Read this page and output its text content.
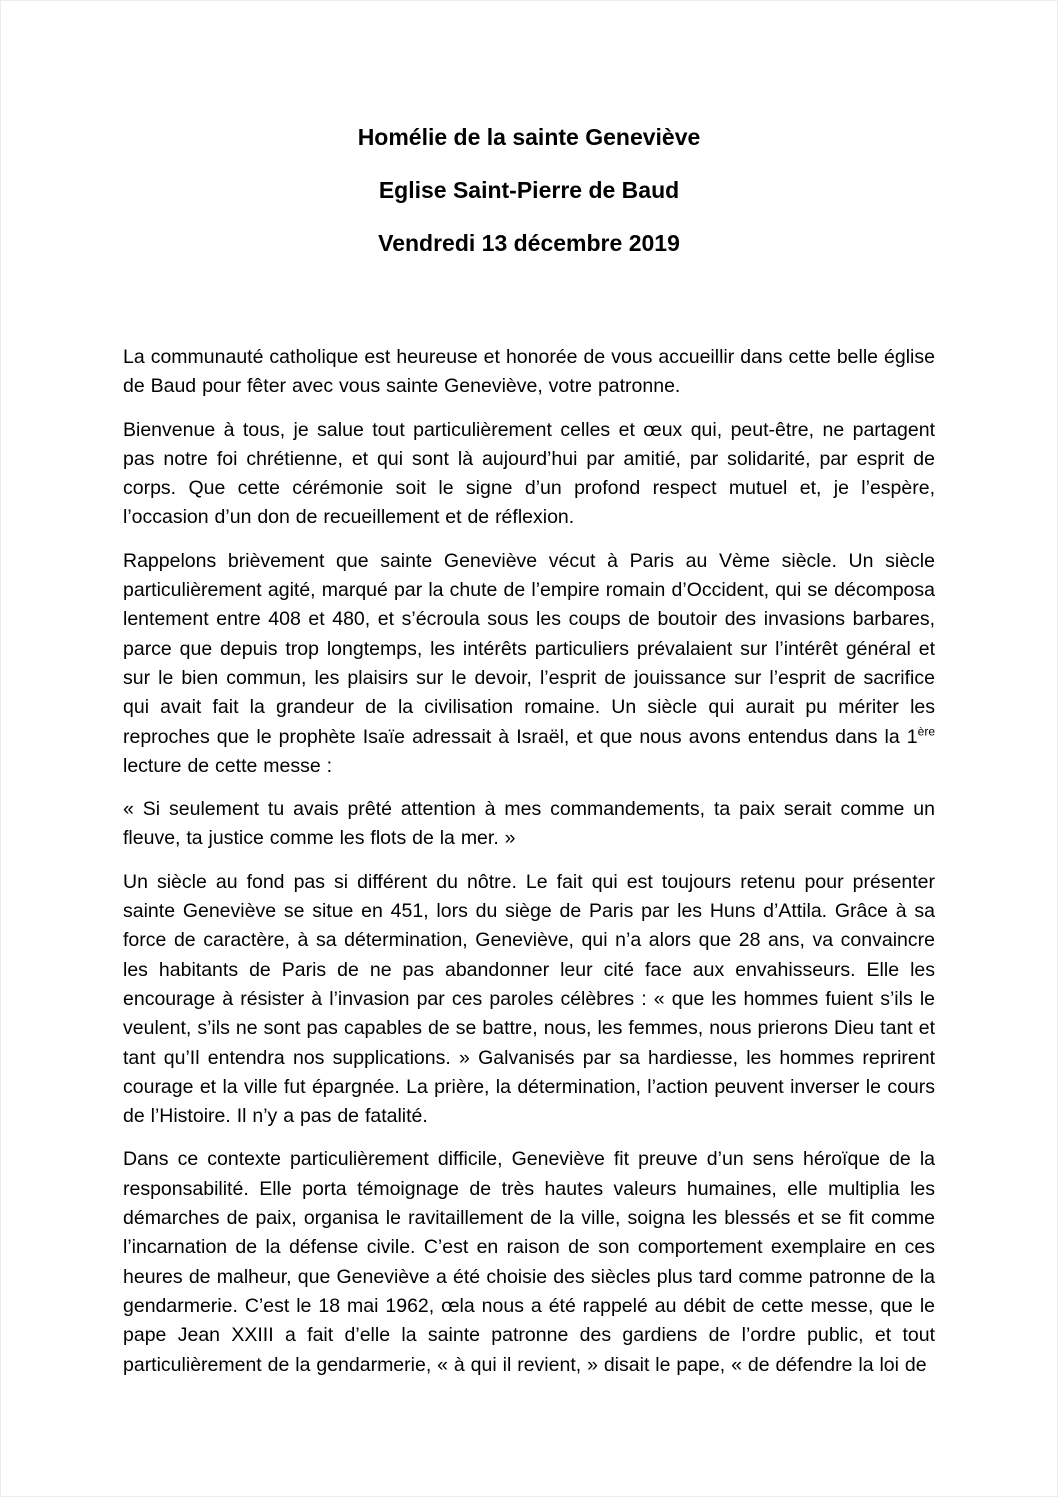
Homélie de la sainte Geneviève
Eglise Saint-Pierre de Baud
Vendredi 13 décembre 2019

La communauté catholique est heureuse et honorée de vous accueillir dans cette belle église de Baud pour fêter avec vous sainte Geneviève, votre patronne.

Bienvenue à tous, je salue tout particulièrement celles et œux qui, peut-être, ne partagent pas notre foi chrétienne, et qui sont là aujourd’hui par amitié, par solidarité, par esprit de corps. Que cette cérémonie soit le signe d’un profond respect mutuel et, je l’espère, l’occasion d’un don de recueillement et de réflexion.

Rappelons brièvement que sainte Geneviève vécut à Paris au Vème siècle. Un siècle particulièrement agité, marqué par la chute de l’empire romain d’Occident, qui se décomposa lentement entre 408 et 480, et s’écroula sous les coups de boutoir des invasions barbares, parce que depuis trop longtemps, les intérêts particuliers prévalaient sur l’intérêt général et sur le bien commun, les plaisirs sur le devoir, l’esprit de jouissance sur l’esprit de sacrifice qui avait fait la grandeur de la civilisation romaine. Un siècle qui aurait pu mériter les reproches que le prophète Isaïe adressait à Israël, et que nous avons entendus dans la 1ère lecture de cette messe :

« Si seulement tu avais prêté attention à mes commandements, ta paix serait comme un fleuve, ta justice comme les flots de la mer. »

Un siècle au fond pas si différent du nôtre. Le fait qui est toujours retenu pour présenter sainte Geneviève se situe en 451, lors du siège de Paris par les Huns d’Attila. Grâce à sa force de caractère, à sa détermination, Geneviève, qui n’a alors que 28 ans, va convaincre les habitants de Paris de ne pas abandonner leur cité face aux envahisseurs. Elle les encourage à résister à l’invasion par ces paroles célèbres : « que les hommes fuient s’ils le veulent, s’ils ne sont pas capables de se battre, nous, les femmes, nous prierons Dieu tant et tant qu’Il entendra nos supplications. » Galvanisés par sa hardiesse, les hommes reprirent courage et la ville fut épargnée. La prière, la détermination, l’action peuvent inverser le cours de l’Histoire. Il n’y a pas de fatalité.

Dans ce contexte particulièrement difficile, Geneviève fit preuve d’un sens héroïque de la responsabilité. Elle porta témoignage de très hautes valeurs humaines, elle multiplia les démarches de paix, organisa le ravitaillement de la ville, soigna les blessés et se fit comme l’incarnation de la défense civile. C’est en raison de son comportement exemplaire en ces heures de malheur, que Geneviève a été choisie des siècles plus tard comme patronne de la gendarmerie. C’est le 18 mai 1962, œla nous a été rappelé au débit de cette messe, que le pape Jean XXIII a fait d’elle la sainte patronne des gardiens de l’ordre public, et tout particulièrement de la gendarmerie, « à qui il revient, » disait le pape, « de défendre la loi de
